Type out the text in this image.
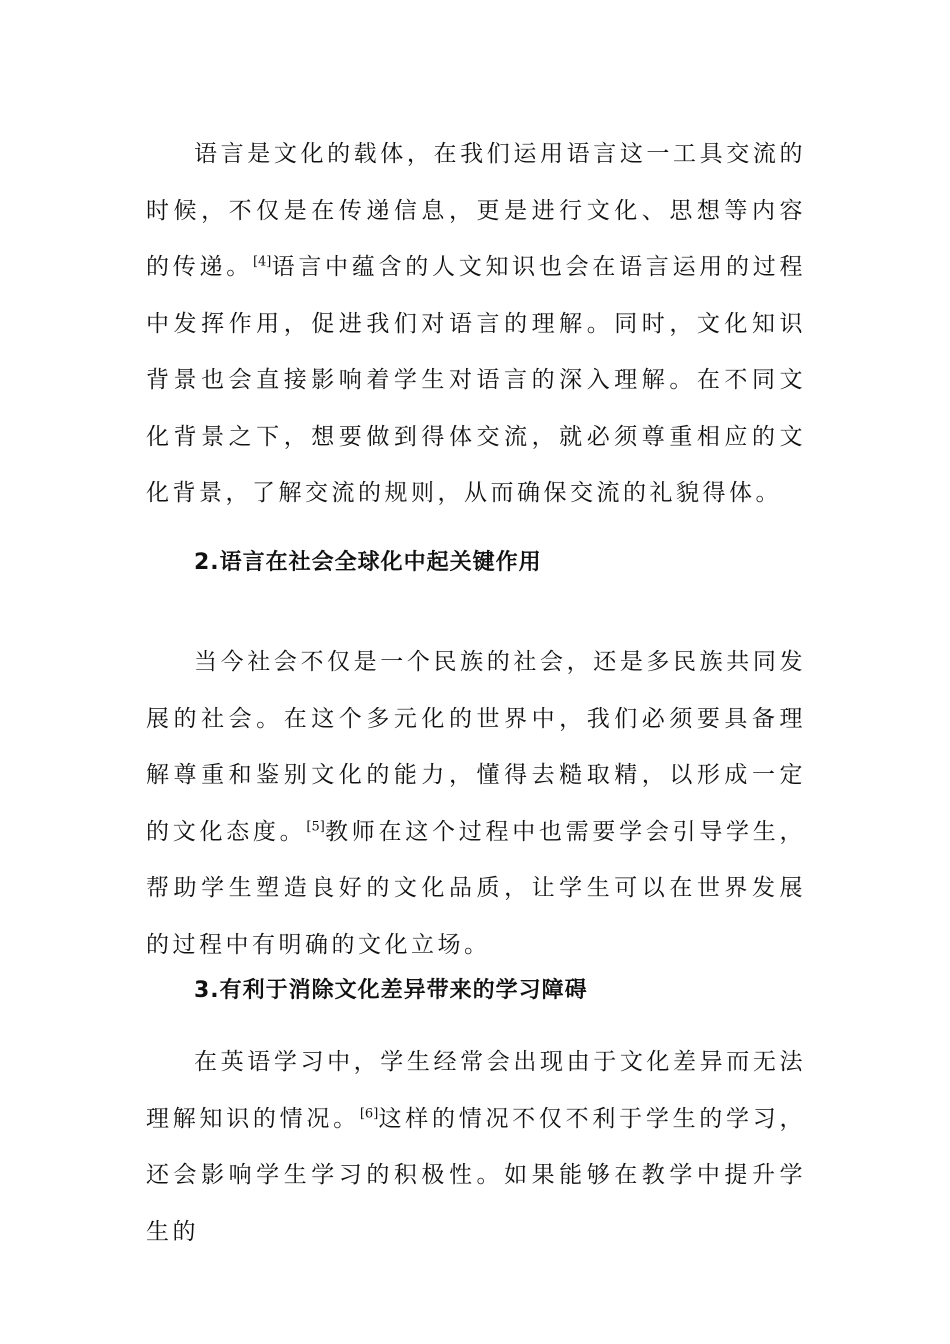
语言是文化的载体，在我们运用语言这一工具交流的时候，不仅是在传递信息，更是进行文化、思想等内容的传递。[4]语言中蕴含的人文知识也会在语言运用的过程中发挥作用，促进我们对语言的理解。同时，文化知识背景也会直接影响着学生对语言的深入理解。在不同文化背景之下，想要做到得体交流，就必须尊重相应的文化背景，了解交流的规则，从而确保交流的礼貌得体。

2.语言在社会全球化中起关键作用

当今社会不仅是一个民族的社会，还是多民族共同发展的社会。在这个多元化的世界中，我们必须要具备理解尊重和鉴别文化的能力，懂得去糙取精，以形成一定的文化态度。[5]教师在这个过程中也需要学会引导学生，帮助学生塑造良好的文化品质，让学生可以在世界发展的过程中有明确的文化立场。

3.有利于消除文化差异带来的学习障碍

在英语学习中，学生经常会出现由于文化差异而无法理解知识的情况。[6]这样的情况不仅不利于学生的学习，还会影响学生学习的积极性。如果能够在教学中提升学生的
